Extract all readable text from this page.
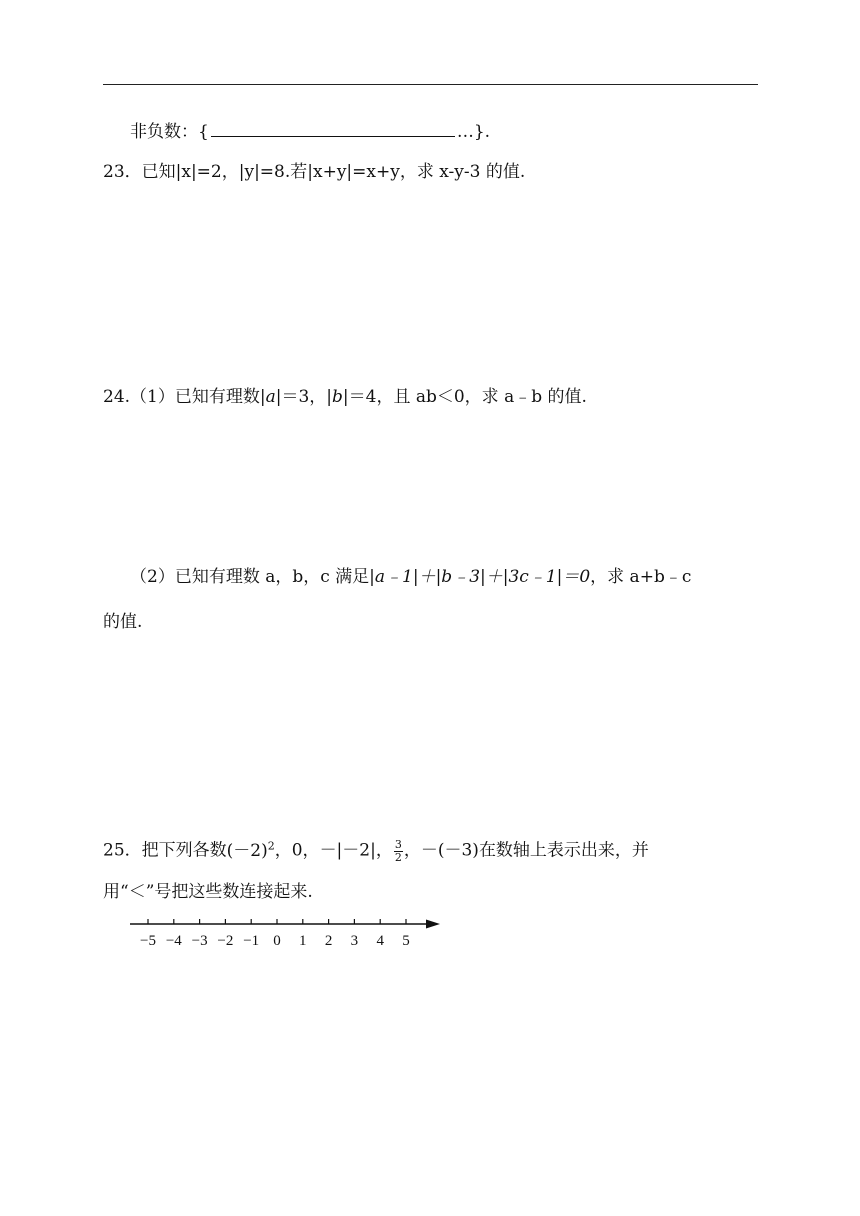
非负数：{	…}.
23．已知|x|=2，|y|=8.若|x+y|=x+y，求 x-y-3 的值.
24.（1）已知有理数|a|＝3，|b|＝4，且 ab＜0，求 a﹣b 的值.
（2）已知有理数 a，b，c 满足|a﹣1|＋|b﹣3|＋|3c﹣1|＝0，求 a+b﹣c
的值.
25．把下列各数$(-2)^2$，0，－|－2|， $\frac{3}{2}$ ，－(－3)在数轴上表示出来，并
用“＜”号把这些数连接起来.
−5 −4 −3 −2 −1 0 1 2 3 4 5
